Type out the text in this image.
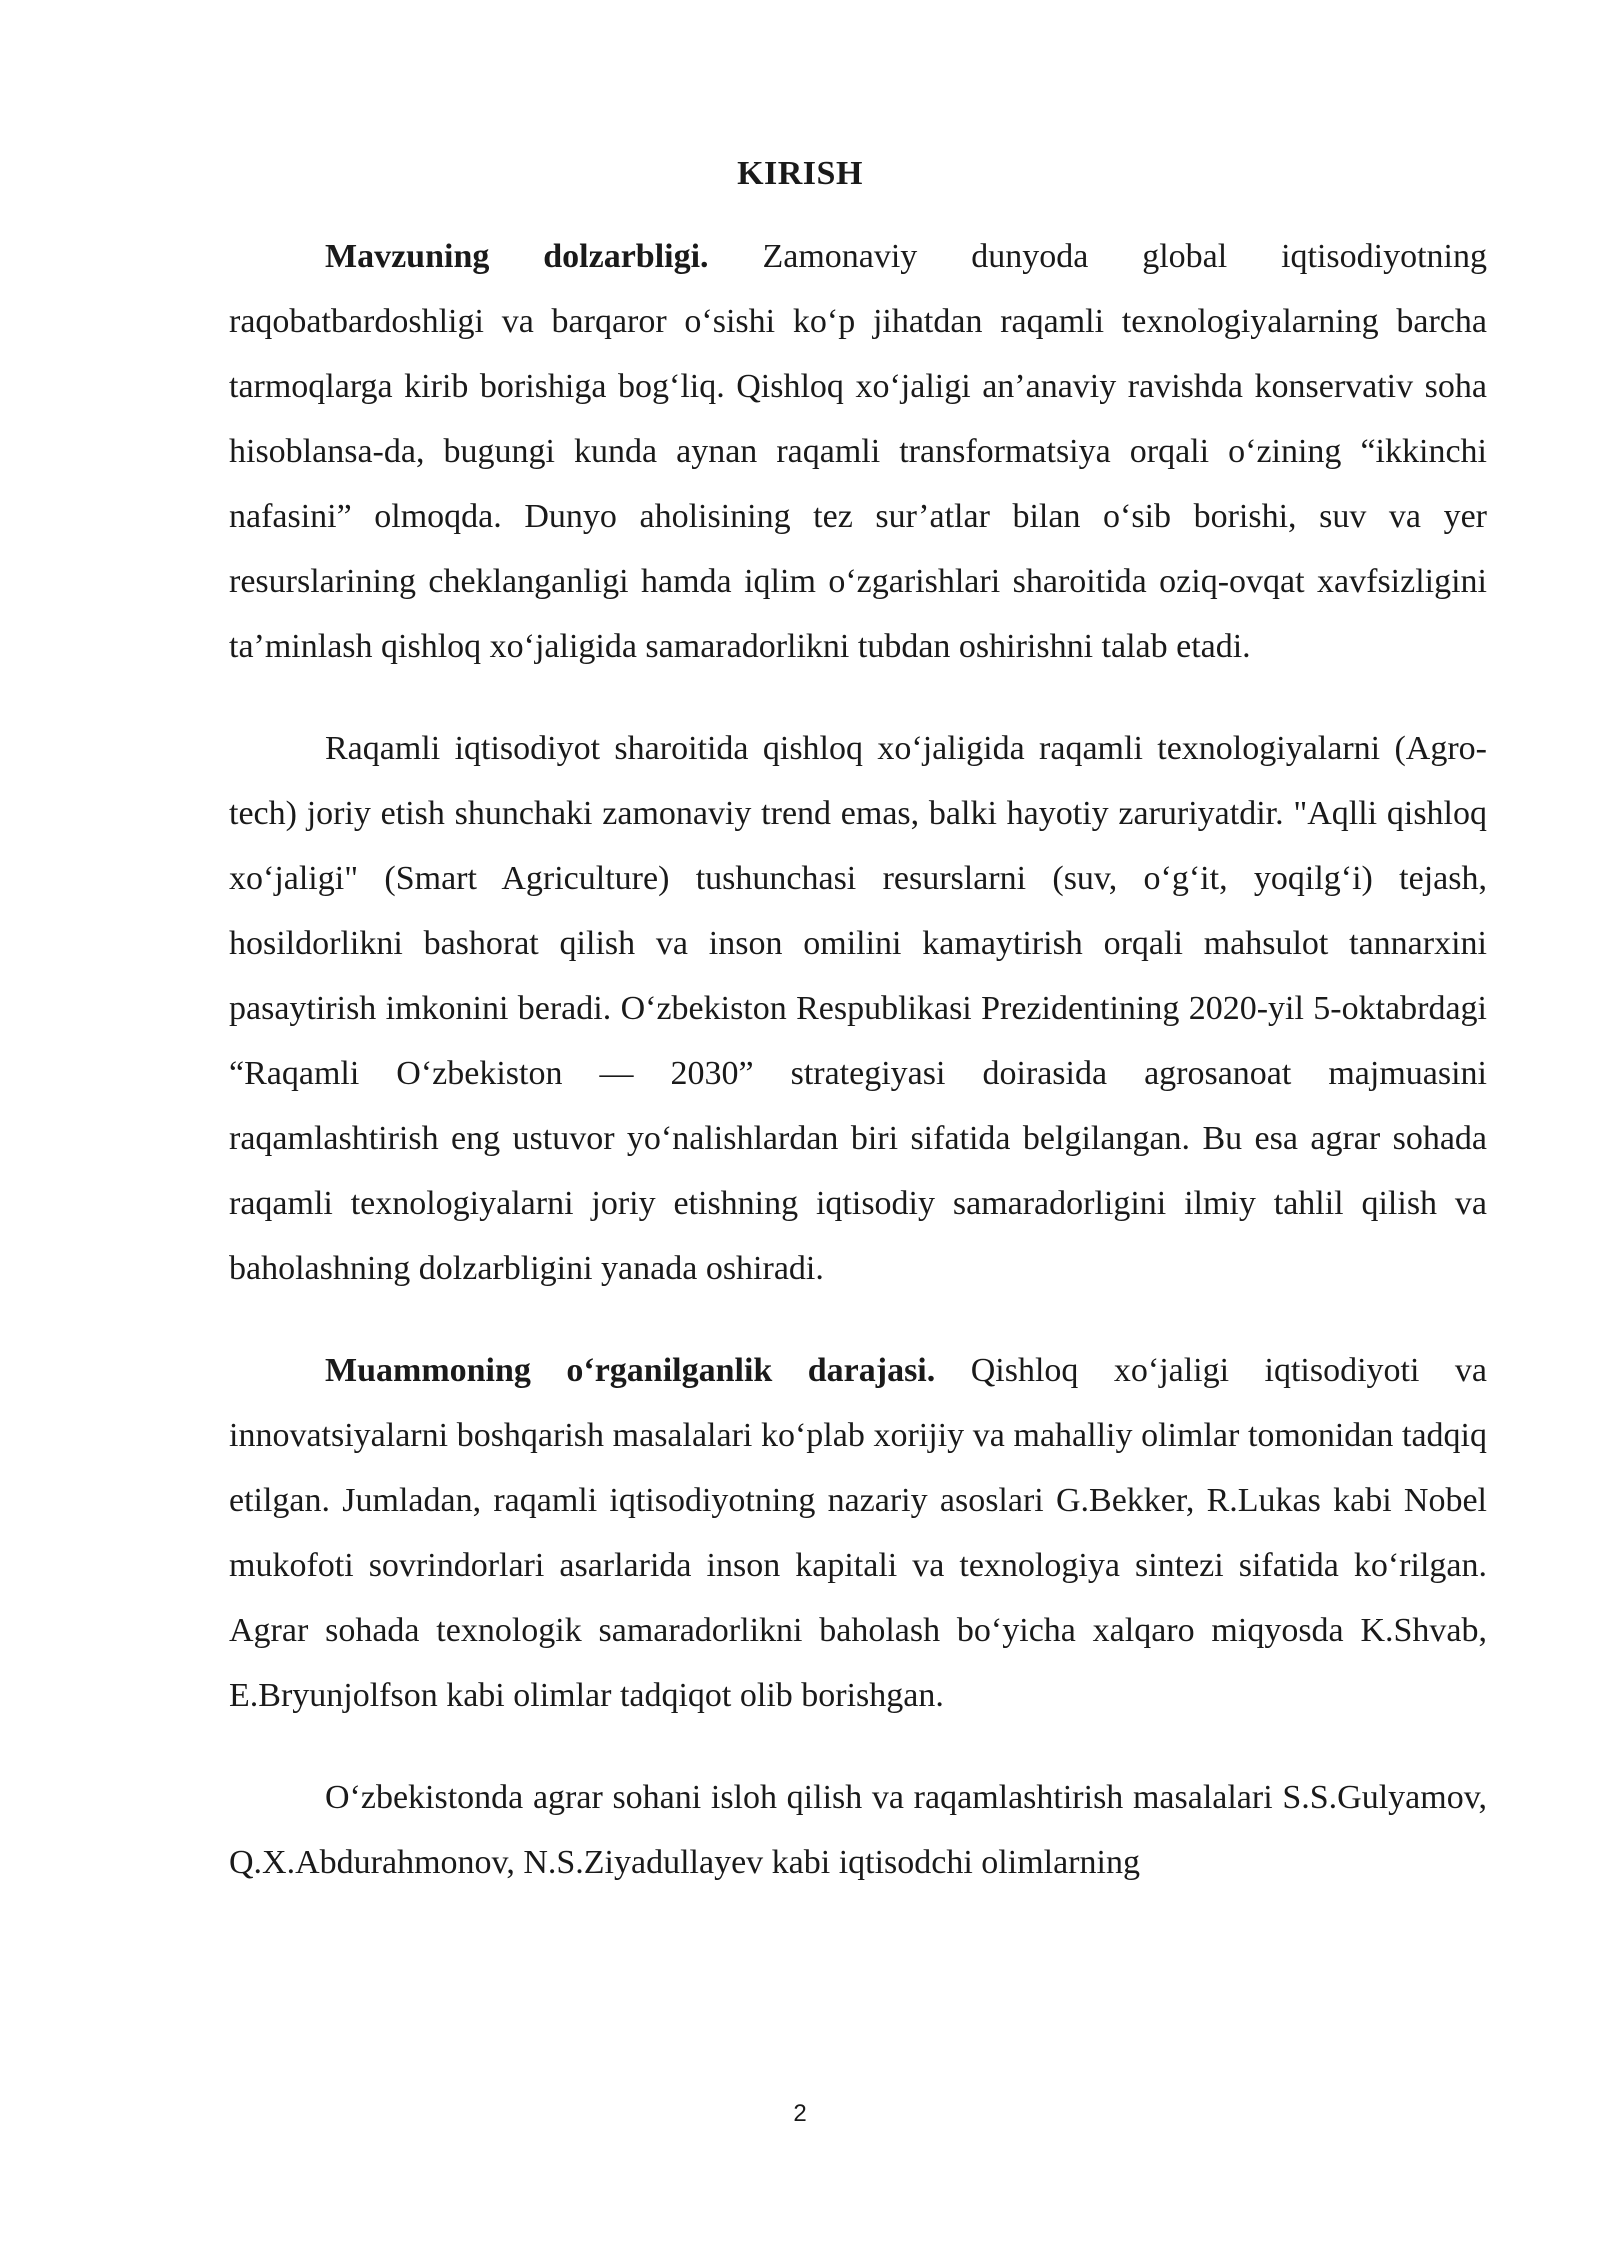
KIRISH

Mavzuning dolzarbligi. Zamonaviy dunyoda global iqtisodiyotning raqobatbardoshligi va barqaror o‘sishi ko‘p jihatdan raqamli texnologiyalarning barcha tarmoqlarga kirib borishiga bog‘liq. Qishloq xo‘jaligi an’anaviy ravishda konservativ soha hisoblansa-da, bugungi kunda aynan raqamli transformatsiya orqali o‘zining “ikkinchi nafasini” olmoqda. Dunyo aholisining tez sur’atlar bilan o‘sib borishi, suv va yer resurslarining cheklanganligi hamda iqlim o‘zgarishlari sharoitida oziq-ovqat xavfsizligini ta’minlash qishloq xo‘jaligida samaradorlikni tubdan oshirishni talab etadi.

Raqamli iqtisodiyot sharoitida qishloq xo‘jaligida raqamli texnologiyalarni (Agro-tech) joriy etish shunchaki zamonaviy trend emas, balki hayotiy zaruriyatdir. "Aqlli qishloq xo‘jaligi" (Smart Agriculture) tushunchasi resurslarni (suv, o‘g‘it, yoqilg‘i) tejash, hosildorlikni bashorat qilish va inson omilini kamaytirish orqali mahsulot tannarxini pasaytirish imkonini beradi. O‘zbekiston Respublikasi Prezidentining 2020-yil 5-oktabrdagi “Raqamli O‘zbekiston — 2030” strategiyasi doirasida agrosanoat majmuasini raqamlashtirish eng ustuvor yo‘nalishlardan biri sifatida belgilangan. Bu esa agrar sohada raqamli texnologiyalarni joriy etishning iqtisodiy samaradorligini ilmiy tahlil qilish va baholashning dolzarbligini yanada oshiradi.

Muammoning o‘rganilganlik darajasi. Qishloq xo‘jaligi iqtisodiyoti va innovatsiyalarni boshqarish masalalari ko‘plab xorijiy va mahalliy olimlar tomonidan tadqiq etilgan. Jumladan, raqamli iqtisodiyotning nazariy asoslari G.Bekker, R.Lukas kabi Nobel mukofoti sovrindorlari asarlarida inson kapitali va texnologiya sintezi sifatida ko‘rilgan. Agrar sohada texnologik samaradorlikni baholash bo‘yicha xalqaro miqyosda K.Shvab, E.Bryunjolfson kabi olimlar tadqiqot olib borishgan.

O‘zbekistonda agrar sohani isloh qilish va raqamlashtirish masalalari S.S.Gulyamov, Q.X.Abdurahmonov, N.S.Ziyadullayev kabi iqtisodchi olimlarning

2
